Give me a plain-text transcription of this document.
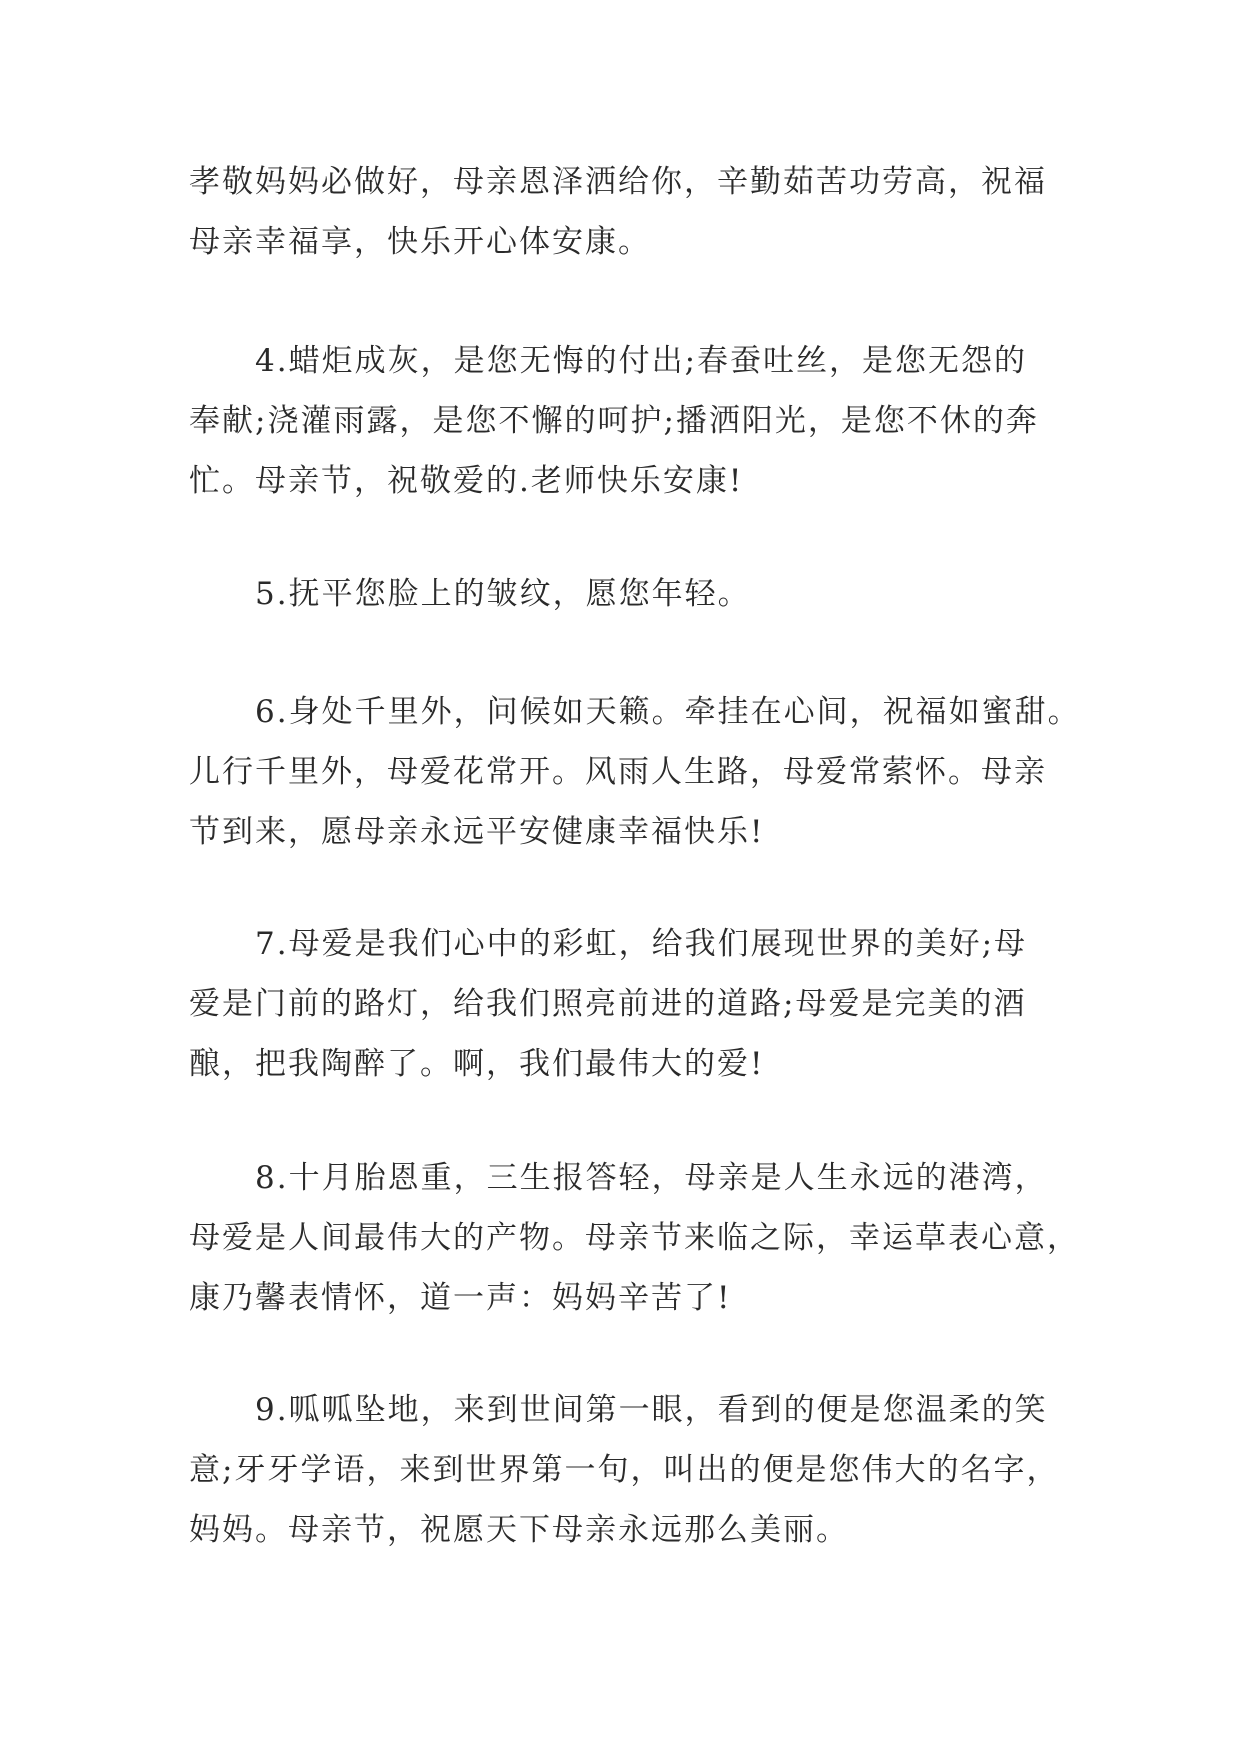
孝敬妈妈必做好，母亲恩泽洒给你，辛勤茹苦功劳高，祝福
母亲幸福享，快乐开心体安康。

　　4.蜡炬成灰，是您无悔的付出;春蚕吐丝，是您无怨的
奉献;浇灌雨露，是您不懈的呵护;播洒阳光，是您不休的奔
忙。母亲节，祝敬爱的.老师快乐安康!

　　5.抚平您脸上的皱纹，愿您年轻。

　　6.身处千里外，问候如天籁。牵挂在心间，祝福如蜜甜。
儿行千里外，母爱花常开。风雨人生路，母爱常萦怀。母亲
节到来，愿母亲永远平安健康幸福快乐!

　　7.母爱是我们心中的彩虹，给我们展现世界的美好;母
爱是门前的路灯，给我们照亮前进的道路;母爱是完美的酒
酿，把我陶醉了。啊，我们最伟大的爱!

　　8.十月胎恩重，三生报答轻，母亲是人生永远的港湾，
母爱是人间最伟大的产物。母亲节来临之际，幸运草表心意，
康乃馨表情怀，道一声：妈妈辛苦了!

　　9.呱呱坠地，来到世间第一眼，看到的便是您温柔的笑
意;牙牙学语，来到世界第一句，叫出的便是您伟大的名字，
妈妈。母亲节，祝愿天下母亲永远那么美丽。
